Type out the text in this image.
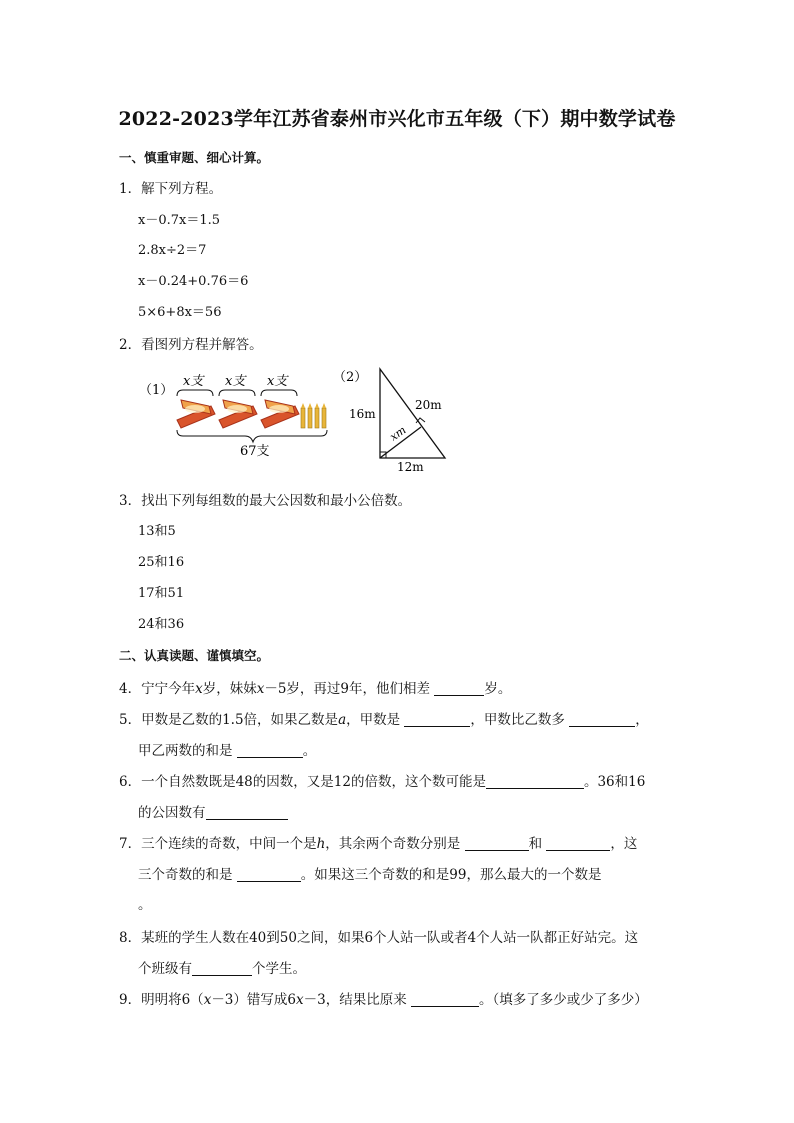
2022-2023学年江苏省泰州市兴化市五年级（下）期中数学试卷
一、慎重审题、细心计算。
1．解下列方程。
x－0.7x＝1.5
2.8x÷2＝7
x－0.24+0.76＝6
5×6+8x＝56
2．看图列方程并解答。
（1）
x支 x支 x支
67支
（2）
16m
20m
12m
xm
3．找出下列每组数的最大公因数和最小公倍数。
13和5
25和16
17和51
24和36
二、认真读题、谨慎填空。
4．宁宁今年x岁，妹妹x－5岁，再过9年，他们相差	岁。
5．甲数是乙数的1.5倍，如果乙数是a，甲数是	，甲数比乙数多	，
甲乙两数的和是	。
6．一个自然数既是48的因数，又是12的倍数，这个数可能是	。36和16
的公因数有
7．三个连续的奇数，中间一个是h，其余两个奇数分别是	和	，这
三个奇数的和是	。如果这三个奇数的和是99，那么最大的一个数是
。
8．某班的学生人数在40到50之间，如果6个人站一队或者4个人站一队都正好站完。这
个班级有	个学生。
9．明明将6（x－3）错写成6x－3，结果比原来	。（填多了多少或少了多少）
